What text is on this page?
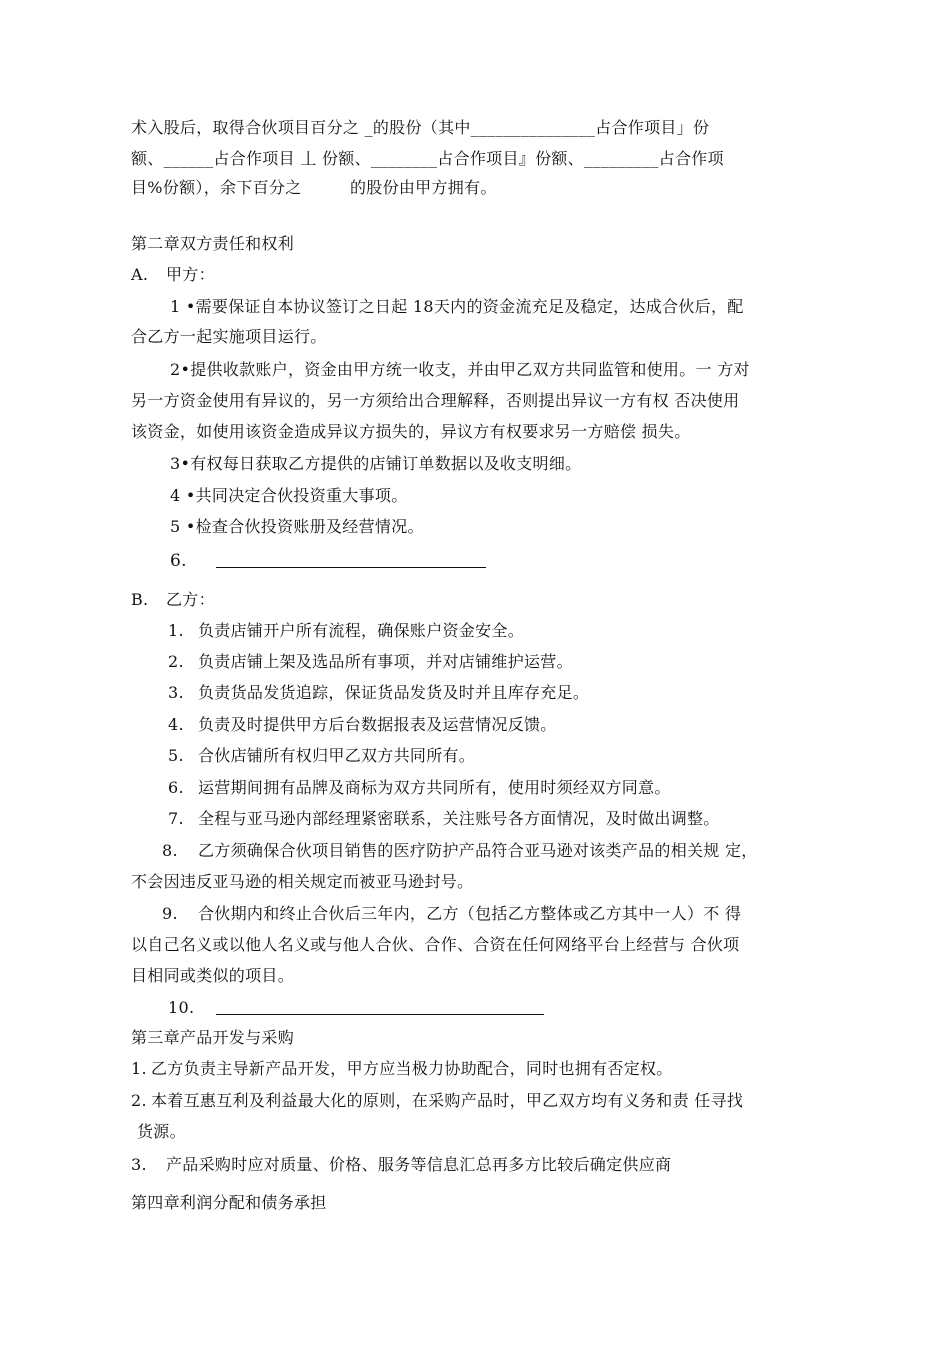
术入股后，取得合伙项目百分之 _的股份（其中_______________占合作项目」份
额、______占合作项目 丄 份额、________占合作项目』份额、_________占合作项
目%份额），余下百分之         的股份由甲方拥有。
第二章双方责任和权利
A. 甲方：
1 •需要保证自本协议签订之日起 18天内的资金流充足及稳定，达成合伙后，配
合乙方一起实施项目运行。
2•提供收款账户，资金由甲方统一收支，并由甲乙双方共同监管和使用。一 方对
另一方资金使用有异议的，另一方须给出合理解释，否则提出异议一方有权 否决使用
该资金，如使用该资金造成异议方损失的，异议方有权要求另一方赔偿 损失。
3•有权每日获取乙方提供的店铺订单数据以及收支明细。
4 •共同决定合伙投资重大事项。
5 •检查合伙投资账册及经营情况。
6.
B. 乙方：
1. 负责店铺开户所有流程，确保账户资金安全。
2. 负责店铺上架及选品所有事项，并对店铺维护运营。
3. 负责货品发货追踪，保证货品发货及时并且库存充足。
4. 负责及时提供甲方后台数据报表及运营情况反馈。
5. 合伙店铺所有权归甲乙双方共同所有。
6. 运营期间拥有品牌及商标为双方共同所有，使用时须经双方同意。
7. 全程与亚马逊内部经理紧密联系，关注账号各方面情况，及时做出调整。
8. 乙方须确保合伙项目销售的医疗防护产品符合亚马逊对该类产品的相关规 定，
不会因违反亚马逊的相关规定而被亚马逊封号。
9. 合伙期内和终止合伙后三年内，乙方（包括乙方整体或乙方其中一人）不 得
以自己名义或以他人名义或与他人合伙、合作、合资在任何网络平台上经营与 合伙项
目相同或类似的项目。
10.
第三章产品开发与采购
1. 乙方负责主导新产品开发，甲方应当极力协助配合，同时也拥有否定权。
2. 本着互惠互利及利益最大化的原则，在采购产品时，甲乙双方均有义务和责 任寻找
货源。
3. 产品采购时应对质量、价格、服务等信息汇总再多方比较后确定供应商
第四章利润分配和债务承担
